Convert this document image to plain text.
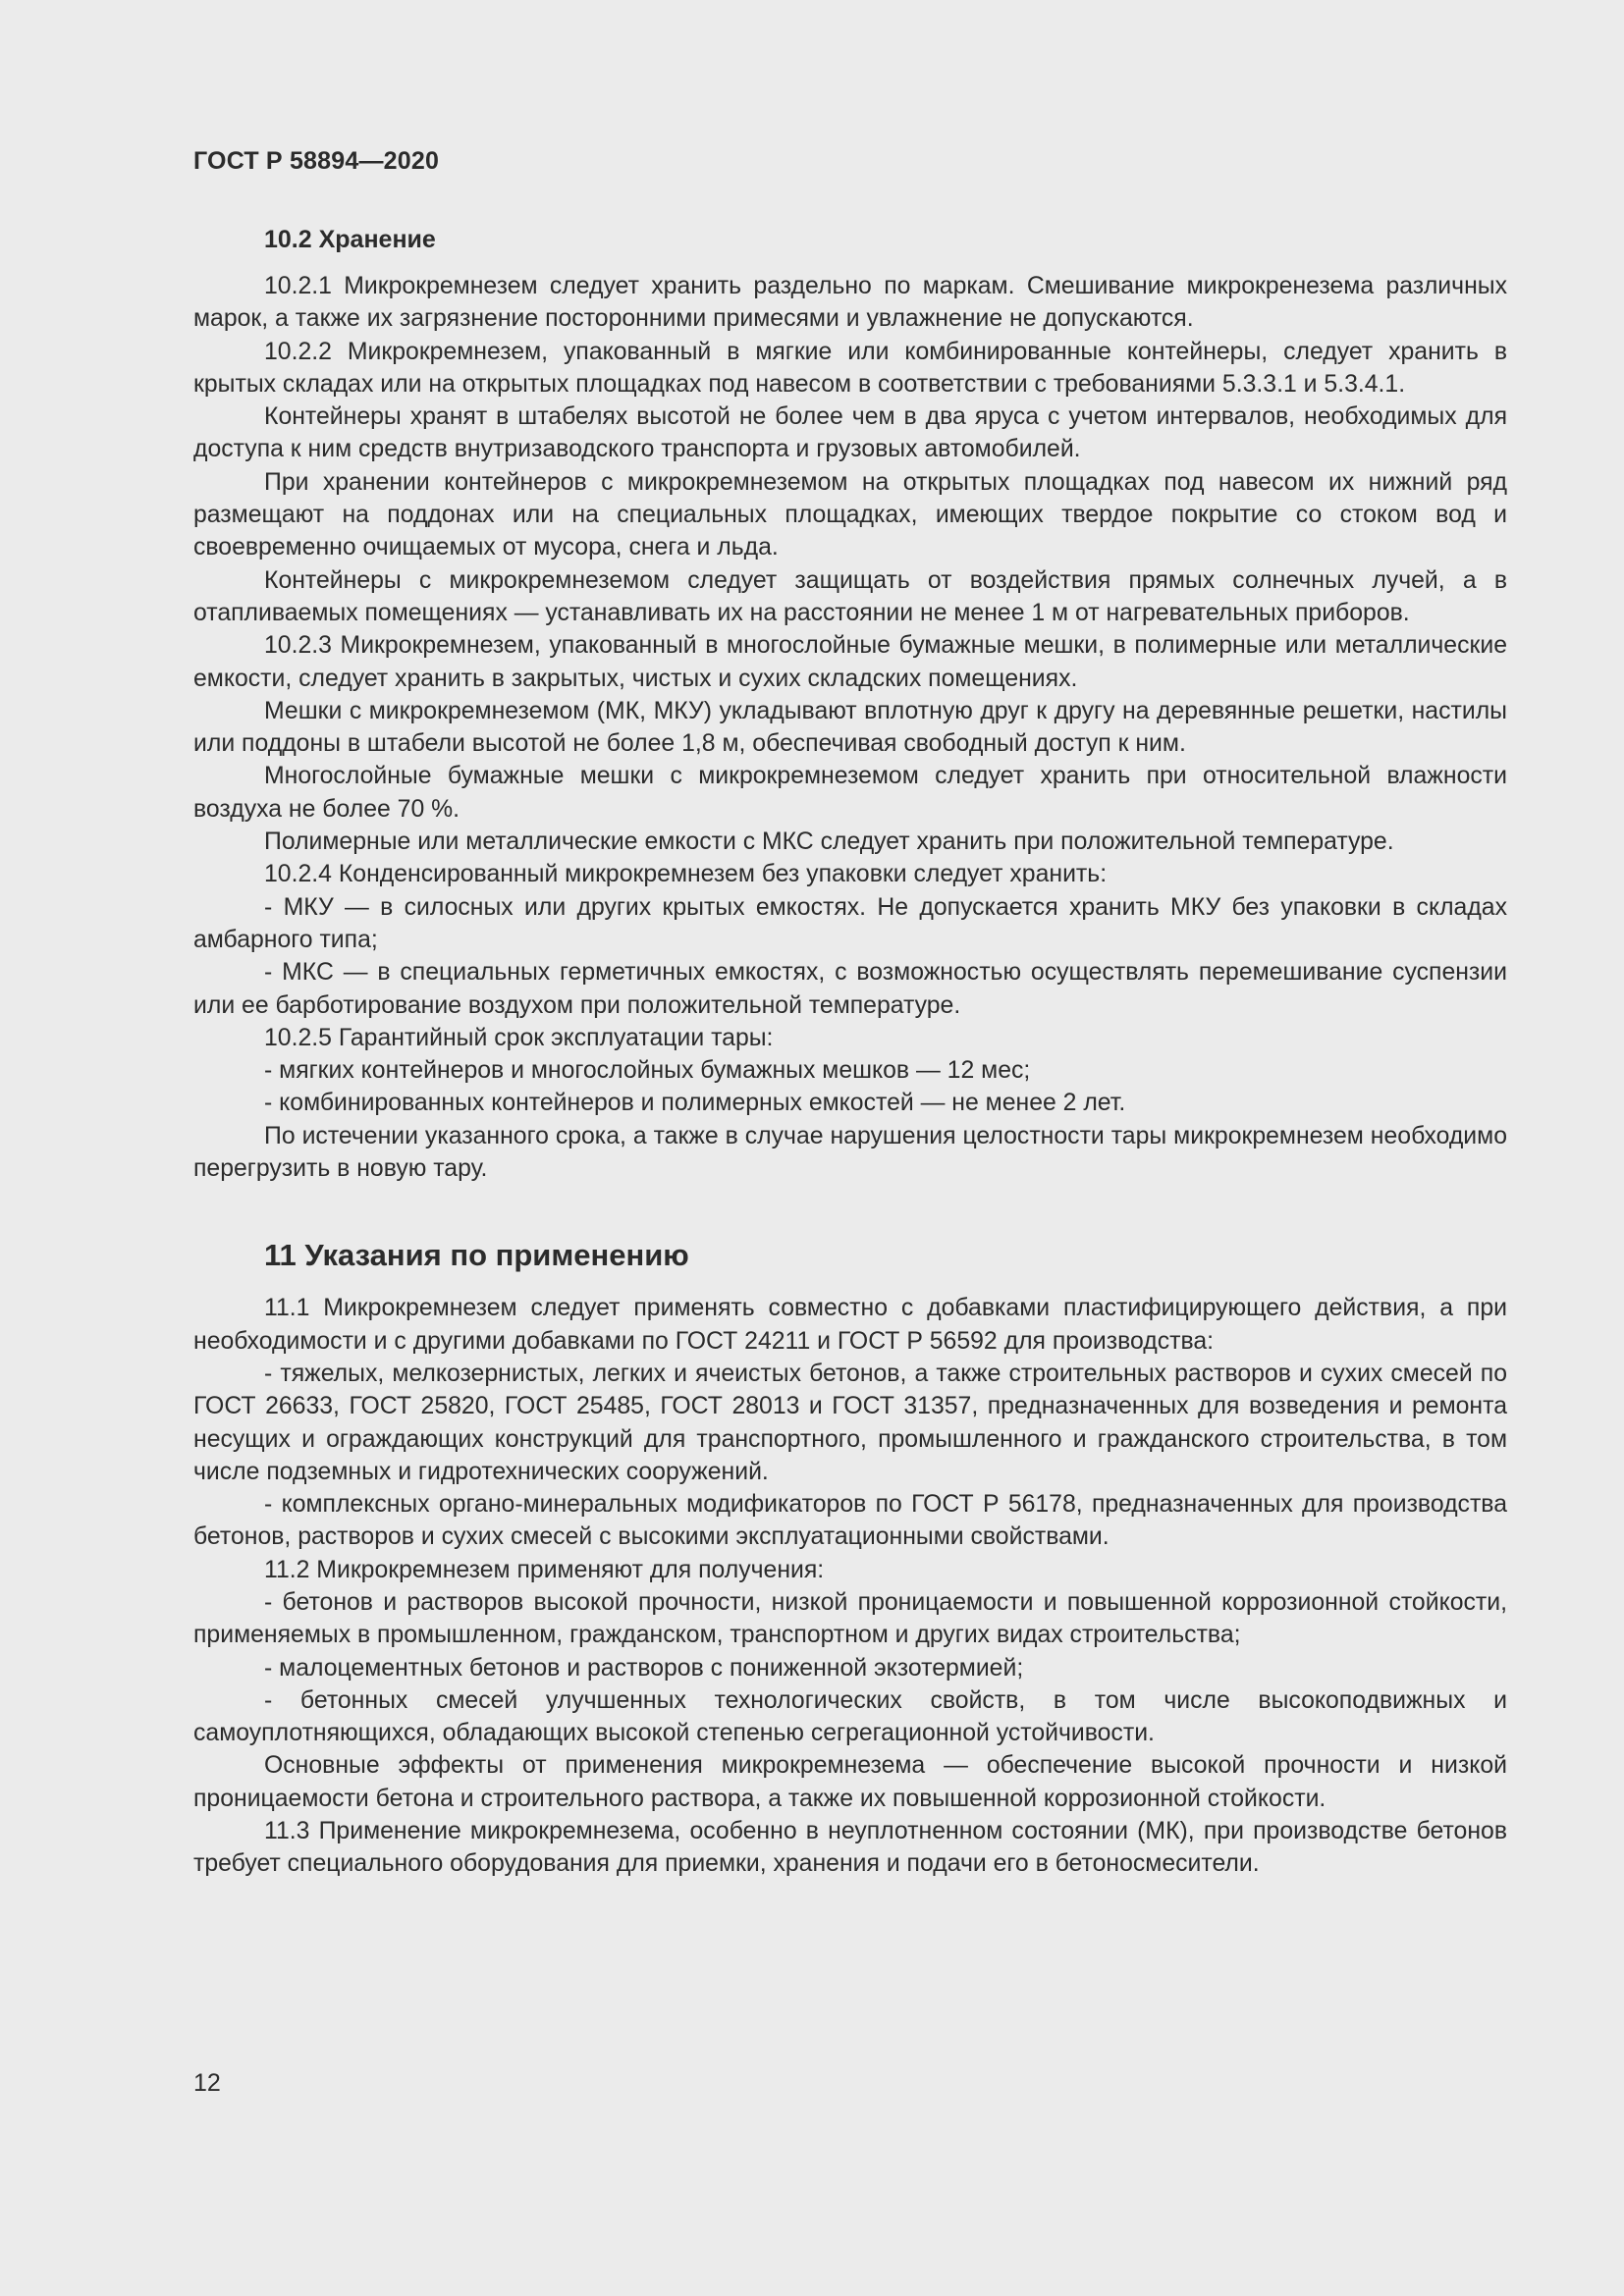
ГОСТ Р 58894—2020
10.2 Хранение

10.2.1 Микрокремнезем следует хранить раздельно по маркам. Смешивание микрокренезема различных марок, а также их загрязнение посторонними примесями и увлажнение не допускаются.

10.2.2 Микрокремнезем, упакованный в мягкие или комбинированные контейнеры, следует хранить в крытых складах или на открытых площадках под навесом в соответствии с требованиями 5.3.3.1 и 5.3.4.1.

Контейнеры хранят в штабелях высотой не более чем в два яруса с учетом интервалов, необходимых для доступа к ним средств внутризаводского транспорта и грузовых автомобилей.

При хранении контейнеров с микрокремнеземом на открытых площадках под навесом их нижний ряд размещают на поддонах или на специальных площадках, имеющих твердое покрытие со стоком вод и своевременно очищаемых от мусора, снега и льда.

Контейнеры с микрокремнеземом следует защищать от воздействия прямых солнечных лучей, а в отапливаемых помещениях — устанавливать их на расстоянии не менее 1 м от нагревательных приборов.

10.2.3 Микрокремнезем, упакованный в многослойные бумажные мешки, в полимерные или металлические емкости, следует хранить в закрытых, чистых и сухих складских помещениях.

Мешки с микрокремнеземом (МК, МКУ) укладывают вплотную друг к другу на деревянные решетки, настилы или поддоны в штабели высотой не более 1,8 м, обеспечивая свободный доступ к ним.

Многослойные бумажные мешки с микрокремнеземом следует хранить при относительной влажности воздуха не более 70 %.

Полимерные или металлические емкости с МКС следует хранить при положительной температуре.

10.2.4 Конденсированный микрокремнезем без упаковки следует хранить:

- МКУ — в силосных или других крытых емкостях. Не допускается хранить МКУ без упаковки в складах амбарного типа;

- МКС — в специальных герметичных емкостях, с возможностью осуществлять перемешивание суспензии или ее барботирование воздухом при положительной температуре.

10.2.5 Гарантийный срок эксплуатации тары:

- мягких контейнеров и многослойных бумажных мешков — 12 мес;

- комбинированных контейнеров и полимерных емкостей — не менее 2 лет.

По истечении указанного срока, а также в случае нарушения целостности тары микрокремнезем необходимо перегрузить в новую тару.

11 Указания по применению

11.1 Микрокремнезем следует применять совместно с добавками пластифицирующего действия, а при необходимости и с другими добавками по ГОСТ 24211 и ГОСТ Р 56592 для производства:

- тяжелых, мелкозернистых, легких и ячеистых бетонов, а также строительных растворов и сухих смесей по ГОСТ 26633, ГОСТ 25820, ГОСТ 25485, ГОСТ 28013 и ГОСТ 31357, предназначенных для возведения и ремонта несущих и ограждающих конструкций для транспортного, промышленного и гражданского строительства, в том числе подземных и гидротехнических сооружений.

- комплексных органо-минеральных модификаторов по ГОСТ Р 56178, предназначенных для производства бетонов, растворов и сухих смесей с высокими эксплуатационными свойствами.

11.2 Микрокремнезем применяют для получения:

- бетонов и растворов высокой прочности, низкой проницаемости и повышенной коррозионной стойкости, применяемых в промышленном, гражданском, транспортном и других видах строительства;

- малоцементных бетонов и растворов с пониженной экзотермией;

- бетонных смесей улучшенных технологических свойств, в том числе высокоподвижных и самоуплотняющихся, обладающих высокой степенью сегрегационной устойчивости.

Основные эффекты от применения микрокремнезема — обеспечение высокой прочности и низкой проницаемости бетона и строительного раствора, а также их повышенной коррозионной стойкости.

11.3 Применение микрокремнезема, особенно в неуплотненном состоянии (МК), при производстве бетонов требует специального оборудования для приемки, хранения и подачи его в бетоносмесители.

12
